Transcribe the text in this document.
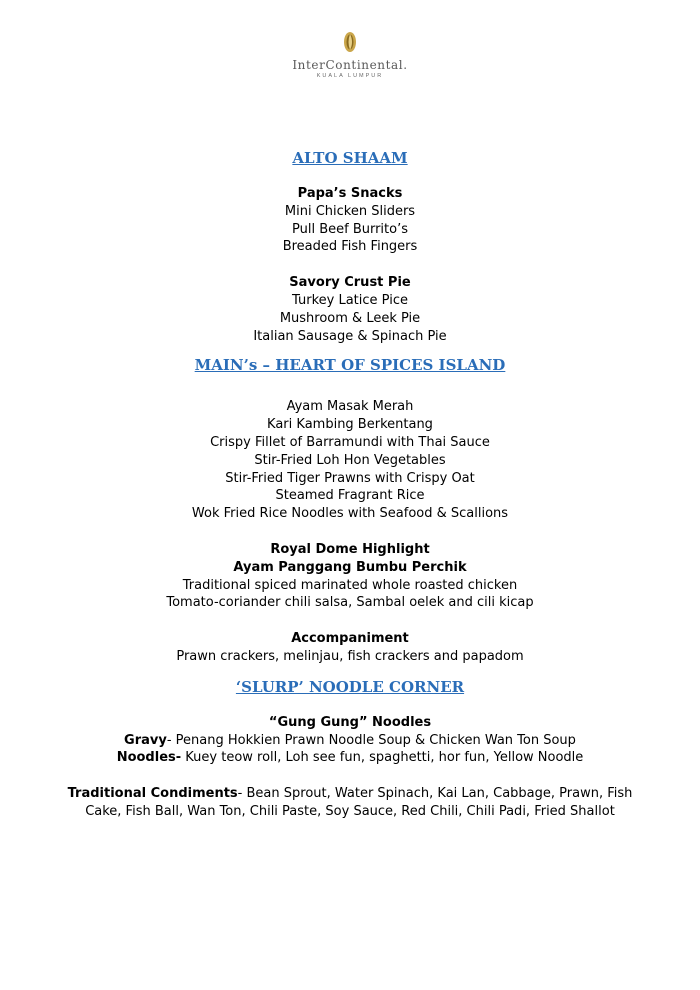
InterContinental.
KUALA LUMPUR
ALTO SHAAM
Papa’s Snacks
Mini Chicken Sliders
Pull Beef Burrito’s
Breaded Fish Fingers
Savory Crust Pie
Turkey Latice Pice
Mushroom & Leek Pie
Italian Sausage & Spinach Pie
MAIN’s – HEART OF SPICES ISLAND
Ayam Masak Merah
Kari Kambing Berkentang
Crispy Fillet of Barramundi with Thai Sauce
Stir-Fried Loh Hon Vegetables
Stir-Fried Tiger Prawns with Crispy Oat
Steamed Fragrant Rice
Wok Fried Rice Noodles with Seafood & Scallions
Royal Dome Highlight
Ayam Panggang Bumbu Perchik
Traditional spiced marinated whole roasted chicken
Tomato-coriander chili salsa, Sambal oelek and cili kicap
Accompaniment
Prawn crackers, melinjau, fish crackers and papadom
‘SLURP’ NOODLE CORNER
“Gung Gung” Noodles
Gravy- Penang Hokkien Prawn Noodle Soup & Chicken Wan Ton Soup
Noodles- Kuey teow roll, Loh see fun, spaghetti, hor fun, Yellow Noodle
Traditional Condiments- Bean Sprout, Water Spinach, Kai Lan, Cabbage, Prawn, Fish
Cake, Fish Ball, Wan Ton, Chili Paste, Soy Sauce, Red Chili, Chili Padi, Fried Shallot
